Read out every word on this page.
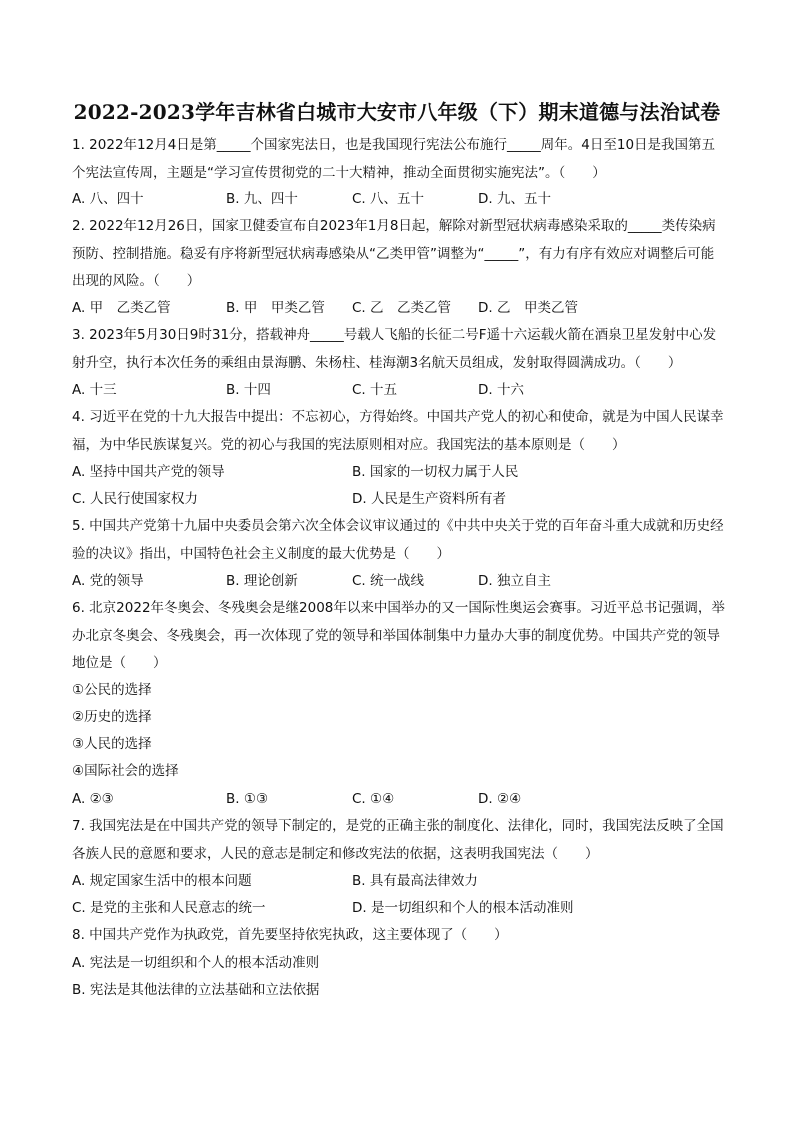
2022-2023学年吉林省白城市大安市八年级（下）期末道德与法治试卷
1. 2022年12月4日是第_____个国家宪法日，也是我国现行宪法公布施行_____周年。4日至10日是我国第五个宪法宣传周，主题是“学习宣传贯彻党的二十大精神，推动全面贯彻实施宪法”。（　　）
A. 八、四十	B. 九、四十	C. 八、五十	D. 九、五十
2. 2022年12月26日，国家卫健委宣布自2023年1月8日起，解除对新型冠状病毒感染采取的_____类传染病预防、控制措施。稳妥有序将新型冠状病毒感染从“乙类甲管”调整为“_____”，有力有序有效应对调整后可能出现的风险。（　　）
A. 甲　乙类乙管	B. 甲　甲类乙管 C. 乙　乙类乙管 D. 乙　甲类乙管
3. 2023年5月30日9时31分，搭载神舟_____号载人飞船的长征二号F遥十六运载火箭在酒泉卫星发射中心发射升空，执行本次任务的乘组由景海鹏、朱杨柱、桂海潮3名航天员组成，发射取得圆满成功。（　　）
A. 十三	B. 十四	C. 十五	D. 十六
4. 习近平在党的十九大报告中提出：不忘初心，方得始终。中国共产党人的初心和使命，就是为中国人民谋幸福，为中华民族谋复兴。党的初心与我国的宪法原则相对应。我国宪法的基本原则是（　　）
A. 坚持中国共产党的领导	B. 国家的一切权力属于人民
C. 人民行使国家权力	D. 人民是生产资料所有者
5. 中国共产党第十九届中央委员会第六次全体会议审议通过的《中共中央关于党的百年奋斗重大成就和历史经验的决议》指出，中国特色社会主义制度的最大优势是（　　）
A. 党的领导	B. 理论创新	C. 统一战线	D. 独立自主
6. 北京2022年冬奥会、冬残奥会是继2008年以来中国举办的又一国际性奥运会赛事。习近平总书记强调，举办北京冬奥会、冬残奥会，再一次体现了党的领导和举国体制集中力量办大事的制度优势。中国共产党的领导地位是（　　）
①公民的选择
②历史的选择
③人民的选择
④国际社会的选择
A. ②③	B. ①③	C. ①④	D. ②④
7. 我国宪法是在中国共产党的领导下制定的，是党的正确主张的制度化、法律化，同时，我国宪法反映了全国各族人民的意愿和要求，人民的意志是制定和修改宪法的依据，这表明我国宪法（　　）
A. 规定国家生活中的根本问题	B. 具有最高法律效力
C. 是党的主张和人民意志的统一	D. 是一切组织和个人的根本活动准则
8. 中国共产党作为执政党，首先要坚持依宪执政，这主要体现了（　　）
A. 宪法是一切组织和个人的根本活动准则
B. 宪法是其他法律的立法基础和立法依据
